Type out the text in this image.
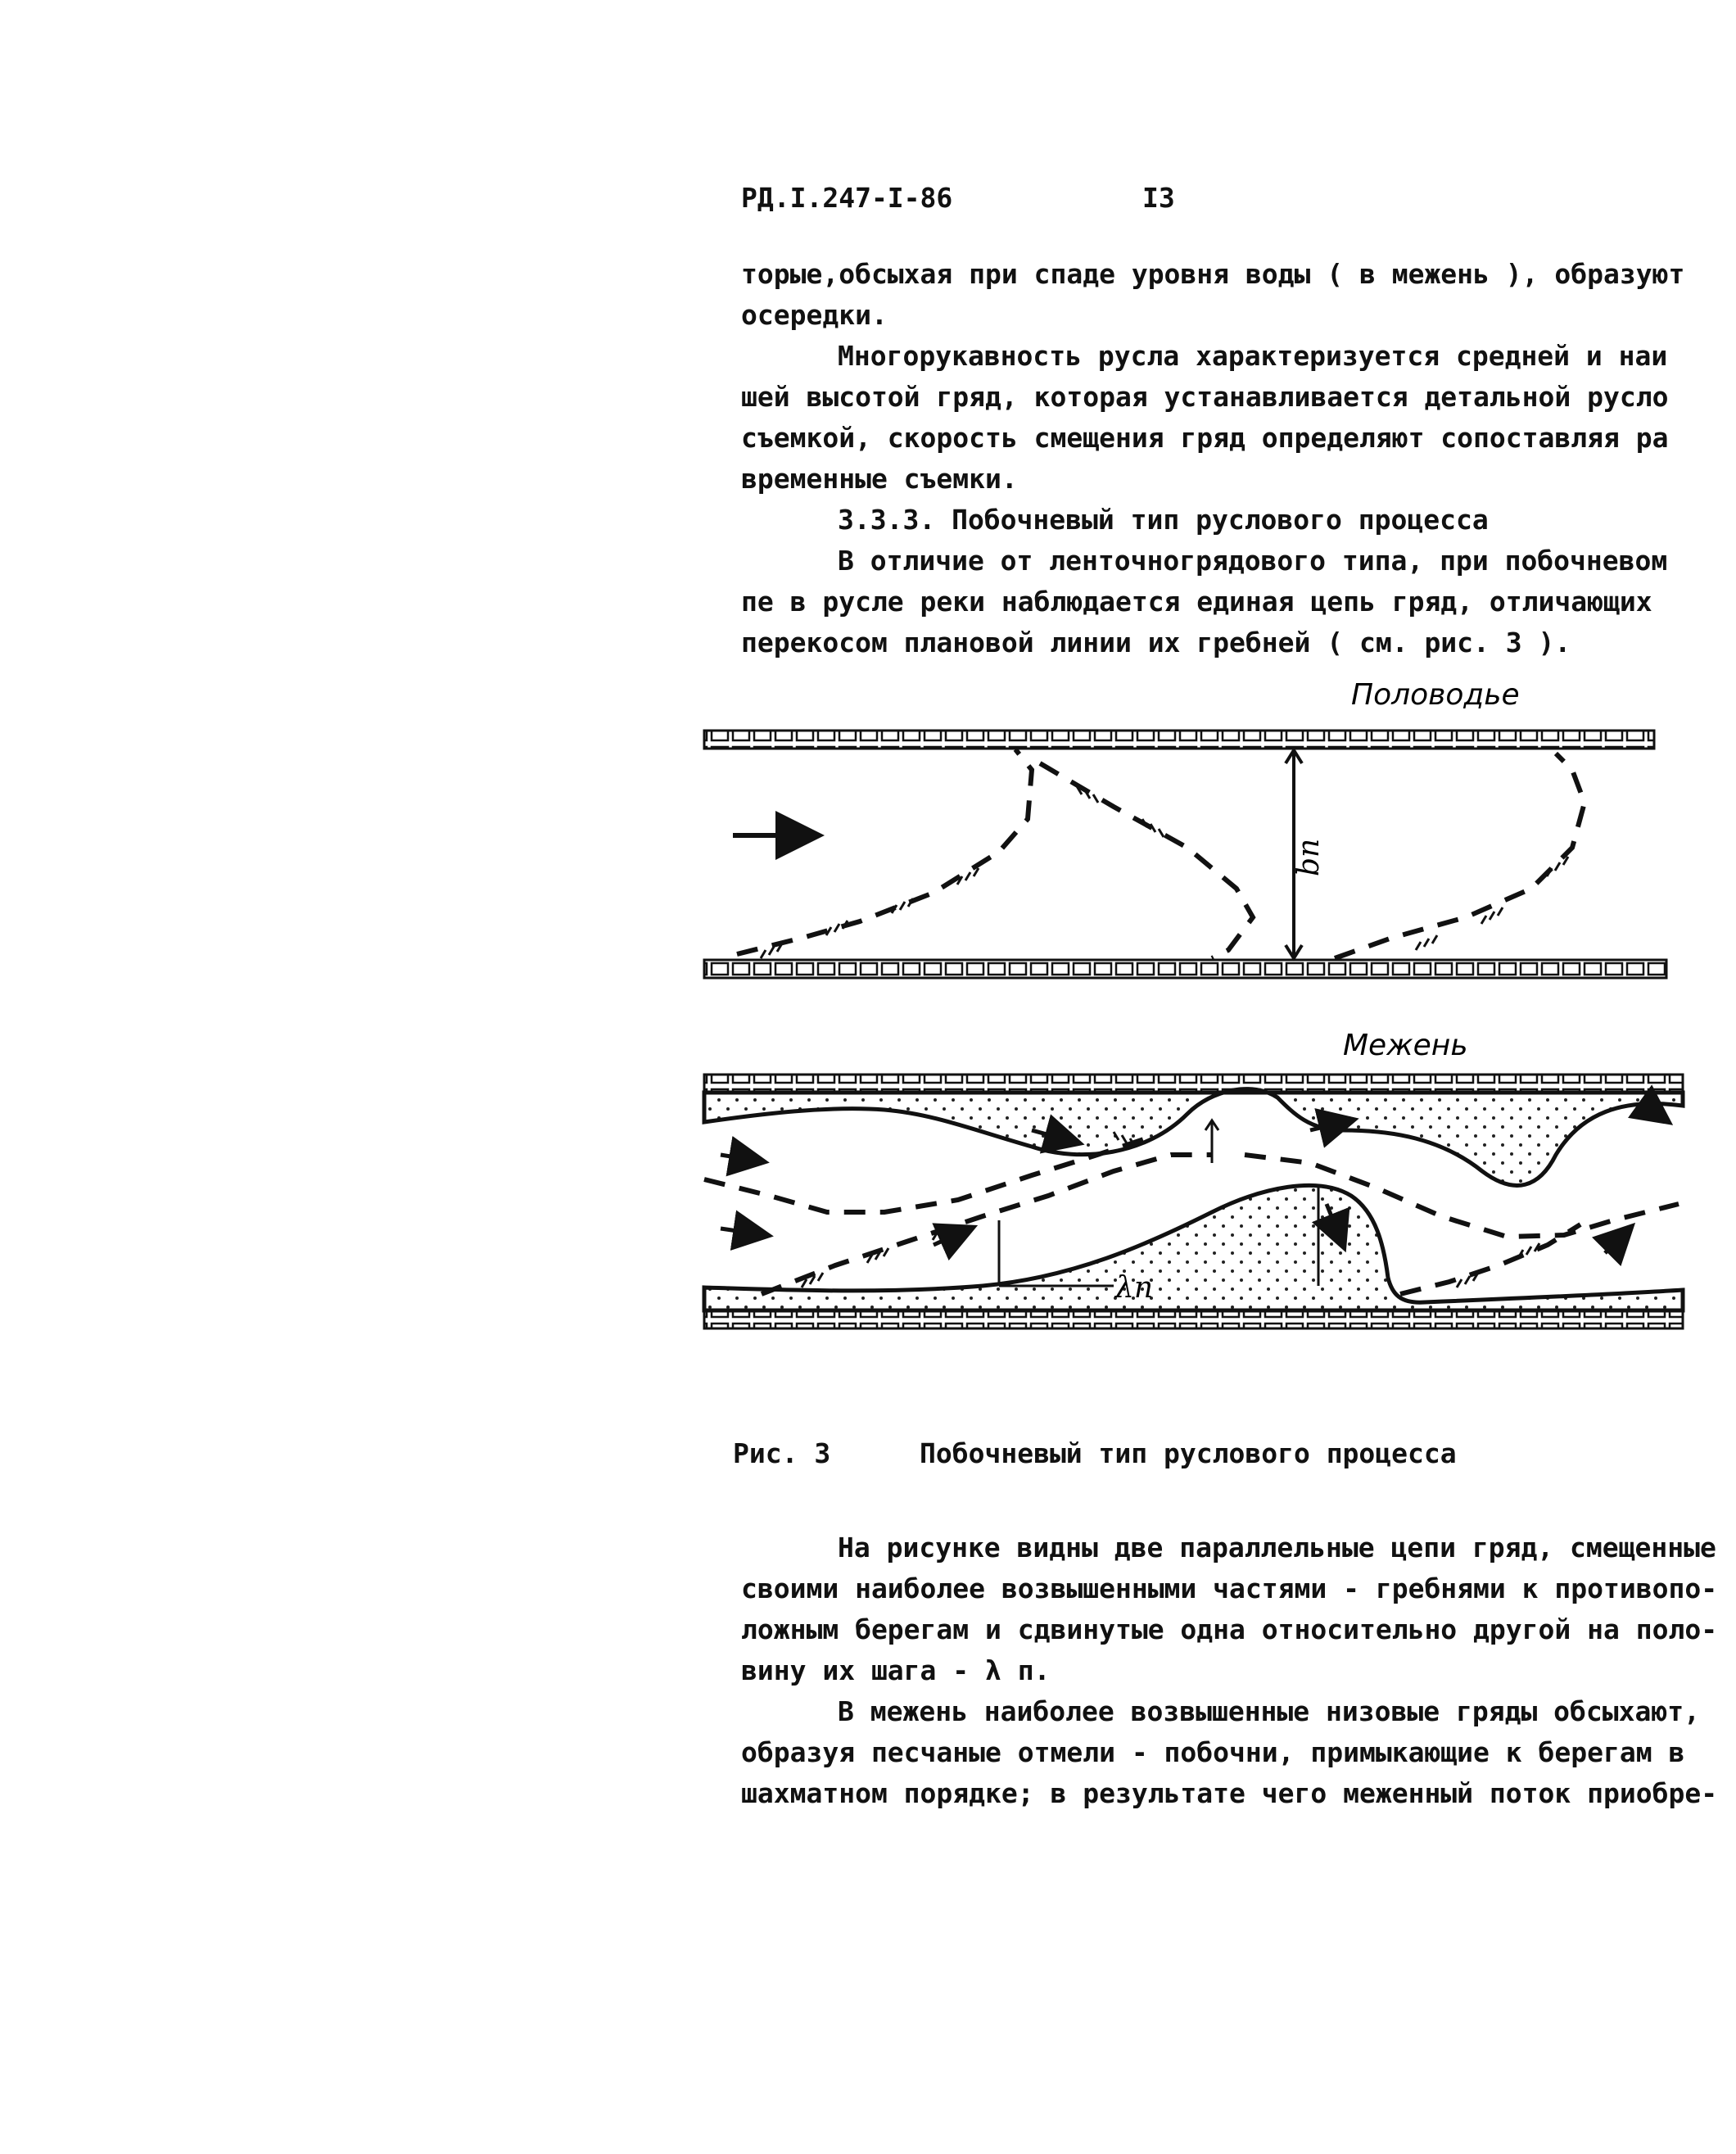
РД.I.247-I-86	I3

торые,обсыхая при спаде уровня воды ( в межень ), образуют

осередки.

Многорукавность русла характеризуется средней и наи

шей высотой гряд, которая устанавливается детальной русло

съемкой, скорость смещения гряд определяют сопоставляя ра

временные съемки.

3.3.3. Побочневый тип руслового процесса

В отличие от ленточногрядового типа, при побочневом

пе в русле реки наблюдается единая цепь гряд, отличающих

перекосом плановой линии их гребней ( см. рис. 3 ).

Половодье
bп
Межень
λп
Рис. 3	Побочневый тип руслового процесса

На рисунке видны две параллельные цепи гряд, смещенные

своими наиболее возвышенными частями - гребнями к противопо-

ложным берегам и сдвинутые одна относительно другой на поло-

вину их шага - λ п.

В межень наиболее возвышенные низовые гряды обсыхают,

образуя песчаные отмели - побочни, примыкающие к берегам в

шахматном порядке; в результате чего меженный поток приобре-
